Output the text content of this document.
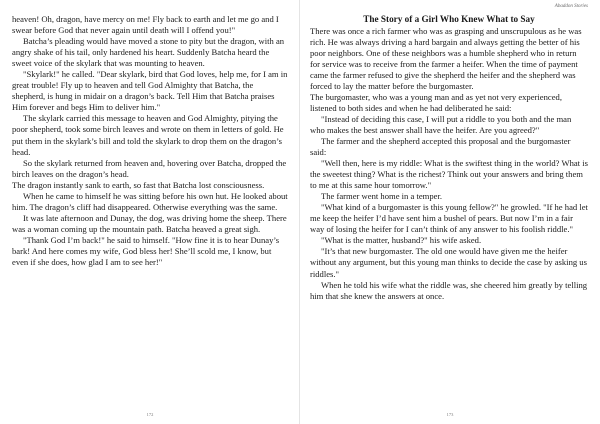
heaven! Oh, dragon, have mercy on me! Fly back to earth and let me go and I swear before God that never again until death will I offend you!"

Batcha’s pleading would have moved a stone to pity but the dragon, with an angry shake of his tail, only hardened his heart. Suddenly Batcha heard the sweet voice of the skylark that was mounting to heaven.

"Skylark!" he called. "Dear skylark, bird that God loves, help me, for I am in great trouble! Fly up to heaven and tell God Almighty that Batcha, the shepherd, is hung in midair on a dragon’s back. Tell Him that Batcha praises Him forever and begs Him to deliver him."

The skylark carried this message to heaven and God Almighty, pitying the poor shepherd, took some birch leaves and wrote on them in letters of gold. He put them in the skylark’s bill and told the skylark to drop them on the dragon’s head.

So the skylark returned from heaven and, hovering over Batcha, dropped the birch leaves on the dragon’s head.

The dragon instantly sank to earth, so fast that Batcha lost consciousness.

When he came to himself he was sitting before his own hut. He looked about him. The dragon’s cliff had disappeared. Otherwise everything was the same.

It was late afternoon and Dunay, the dog, was driving home the sheep. There was a woman coming up the mountain path. Batcha heaved a great sigh.

"Thank God I’m back!" he said to himself. "How fine it is to hear Dunay’s bark! And here comes my wife, God bless her! She’ll scold me, I know, but even if she does, how glad I am to see her!"

172
Abaddon Stories

The Story of a Girl Who Knew What to Say

There was once a rich farmer who was as grasping and unscrupulous as he was rich. He was always driving a hard bargain and always getting the better of his poor neighbors. One of these neighbors was a humble shepherd who in return for service was to receive from the farmer a heifer. When the time of payment came the farmer refused to give the shepherd the heifer and the shepherd was forced to lay the matter before the burgomaster.

The burgomaster, who was a young man and as yet not very experienced, listened to both sides and when he had deliberated he said:

"Instead of deciding this case, I will put a riddle to you both and the man who makes the best answer shall have the heifer. Are you agreed?"

The farmer and the shepherd accepted this proposal and the burgomaster said:

"Well then, here is my riddle: What is the swiftest thing in the world? What is the sweetest thing? What is the richest? Think out your answers and bring them to me at this same hour tomorrow."

The farmer went home in a temper.

"What kind of a burgomaster is this young fellow?" he growled. "If he had let me keep the heifer I’d have sent him a bushel of pears. But now I’m in a fair way of losing the heifer for I can’t think of any answer to his foolish riddle."

"What is the matter, husband?" his wife asked.

"It’s that new burgomaster. The old one would have given me the heifer without any argument, but this young man thinks to decide the case by asking us riddles."

When he told his wife what the riddle was, she cheered him greatly by telling him that she knew the answers at once.

173
